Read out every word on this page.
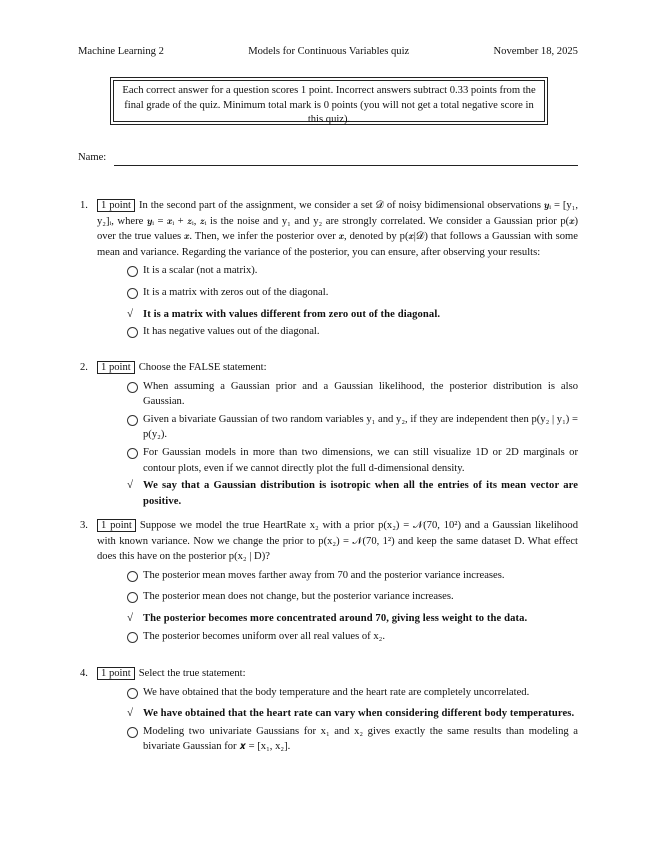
Machine Learning 2	Models for Continuous Variables quiz	November 18, 2025
Each correct answer for a question scores 1 point. Incorrect answers subtract 0.33 points from the final grade of the quiz. Minimum total mark is 0 points (you will not get a total negative score in this quiz).
Name:
1. 1 point In the second part of the assignment, we consider a set 𝒟 of noisy bidimensional observations 𝒚ᵢ = [y₁, y₂]ᵢ, where 𝒚ᵢ = 𝒙ᵢ + 𝒛ᵢ, 𝒛ᵢ is the noise and y₁ and y₂ are strongly correlated. We consider a Gaussian prior p(𝒙) over the true values 𝒙. Then, we infer the posterior over 𝒙, denoted by p(𝒙|𝒟) that follows a Gaussian with some mean and variance. Regarding the variance of the posterior, you can ensure, after observing your results:
It is a scalar (not a matrix).
It is a matrix with zeros out of the diagonal.
√ It is a matrix with values different from zero out of the diagonal.
It has negative values out of the diagonal.
2. 1 point Choose the FALSE statement:
When assuming a Gaussian prior and a Gaussian likelihood, the posterior distribution is also Gaussian.
Given a bivariate Gaussian of two random variables y₁ and y₂, if they are independent then p(y₂ | y₁) = p(y₂).
For Gaussian models in more than two dimensions, we can still visualize 1D or 2D marginals or contour plots, even if we cannot directly plot the full d-dimensional density.
√ We say that a Gaussian distribution is isotropic when all the entries of its mean vector are positive.
3. 1 point Suppose we model the true HeartRate x₂ with a prior p(x₂) = 𝒩(70, 10²) and a Gaussian likelihood with known variance. Now we change the prior to p(x₂) = 𝒩(70, 1²) and keep the same dataset D. What effect does this have on the posterior p(x₂ | D)?
The posterior mean moves farther away from 70 and the posterior variance increases.
The posterior mean does not change, but the posterior variance increases.
√ The posterior becomes more concentrated around 70, giving less weight to the data.
The posterior becomes uniform over all real values of x₂.
4. 1 point Select the true statement:
We have obtained that the body temperature and the heart rate are completely uncorrelated.
√ We have obtained that the heart rate can vary when considering different body temperatures.
Modeling two univariate Gaussians for x₁ and x₂ gives exactly the same results than modeling a bivariate Gaussian for 𝒙 = [x₁, x₂].
